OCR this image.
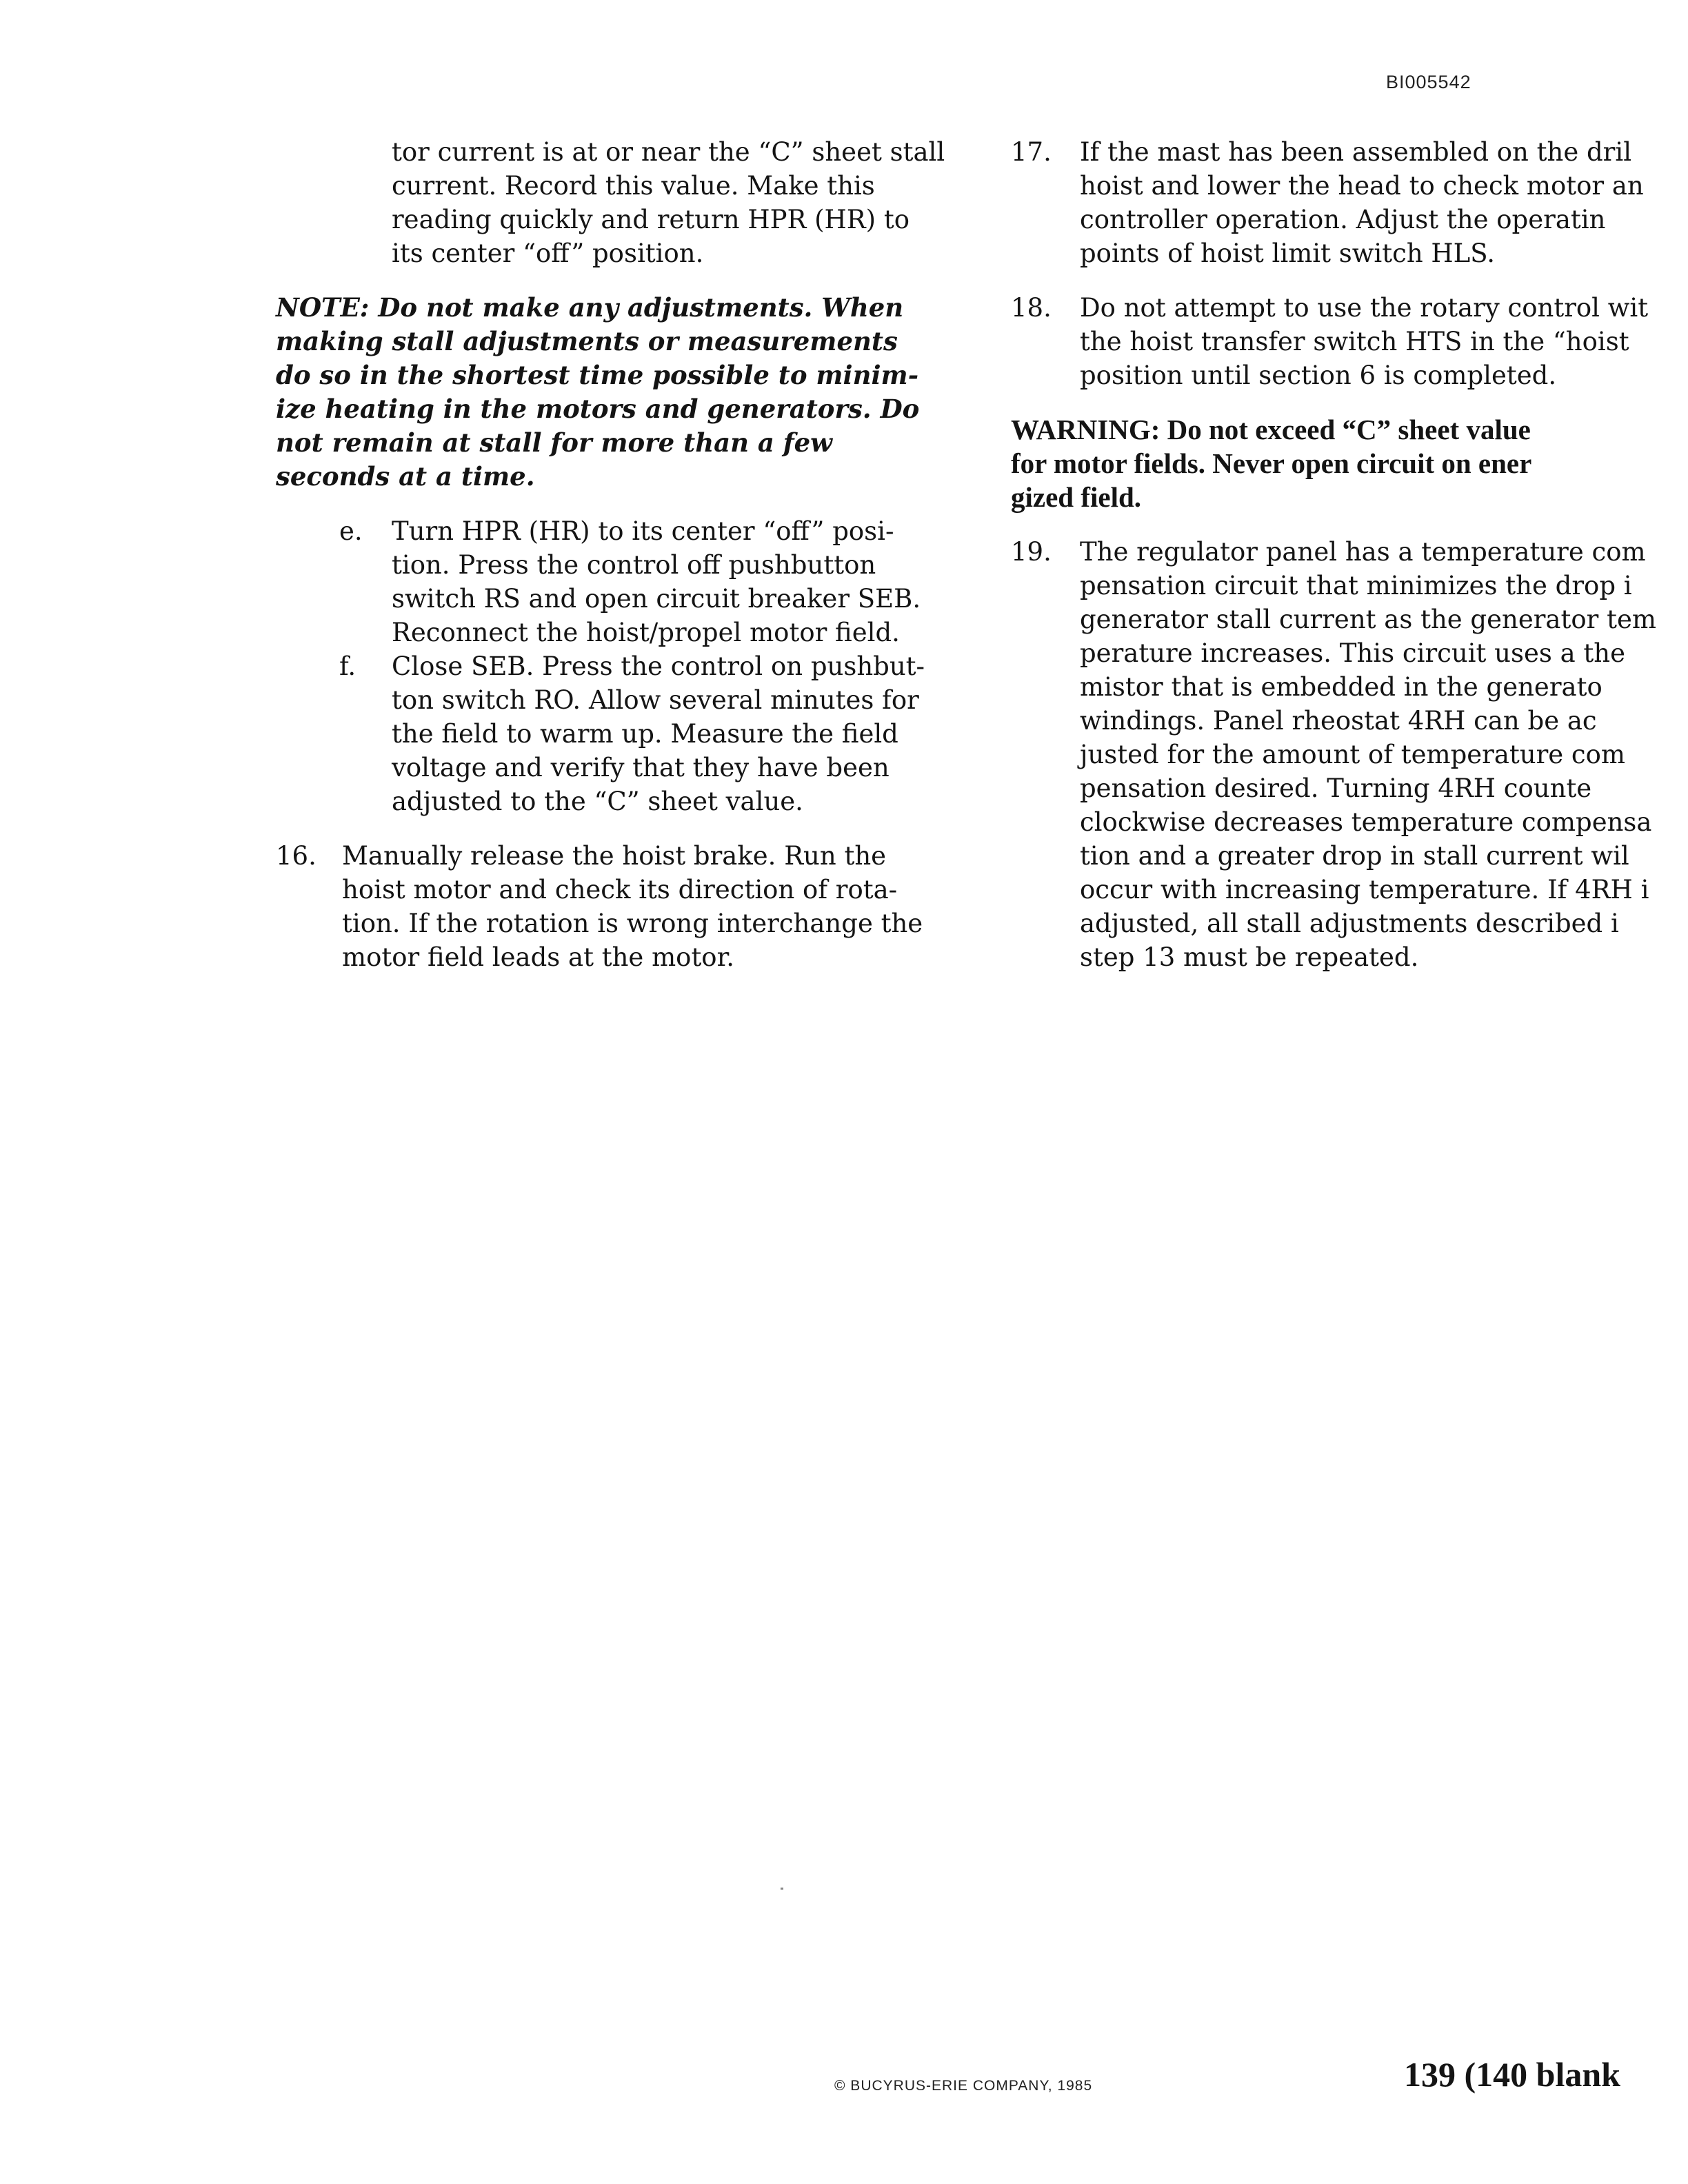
BI005542
tor current is at or near the “C” sheet stall
current. Record this value. Make this
reading quickly and return HPR (HR) to
its center “off” position.
NOTE: Do not make any adjustments. When
making stall adjustments or measurements
do so in the shortest time possible to minim-
ize heating in the motors and generators. Do
not remain at stall for more than a few
seconds at a time.
e. Turn HPR (HR) to its center “off” posi-
tion. Press the control off pushbutton
switch RS and open circuit breaker SEB.
Reconnect the hoist/propel motor field.
f. Close SEB. Press the control on pushbut-
ton switch RO. Allow several minutes for
the field to warm up. Measure the field
voltage and verify that they have been
adjusted to the “C” sheet value.
16. Manually release the hoist brake. Run the
hoist motor and check its direction of rota-
tion. If the rotation is wrong interchange the
motor field leads at the motor.
17. If the mast has been assembled on the dril
hoist and lower the head to check motor an
controller operation. Adjust the operatin
points of hoist limit switch HLS.
18. Do not attempt to use the rotary control wit
the hoist transfer switch HTS in the “hoist
position until section 6 is completed.
WARNING: Do not exceed “C” sheet value
for motor fields. Never open circuit on ener
gized field.
19. The regulator panel has a temperature com
pensation circuit that minimizes the drop i
generator stall current as the generator tem
perature increases. This circuit uses a the
mistor that is embedded in the generato
windings. Panel rheostat 4RH can be ac
justed for the amount of temperature com
pensation desired. Turning 4RH counte
clockwise decreases temperature compensa
tion and a greater drop in stall current wil
occur with increasing temperature. If 4RH i
adjusted, all stall adjustments described i
step 13 must be repeated.
© BUCYRUS-ERIE COMPANY, 1985	139 (140 blank
